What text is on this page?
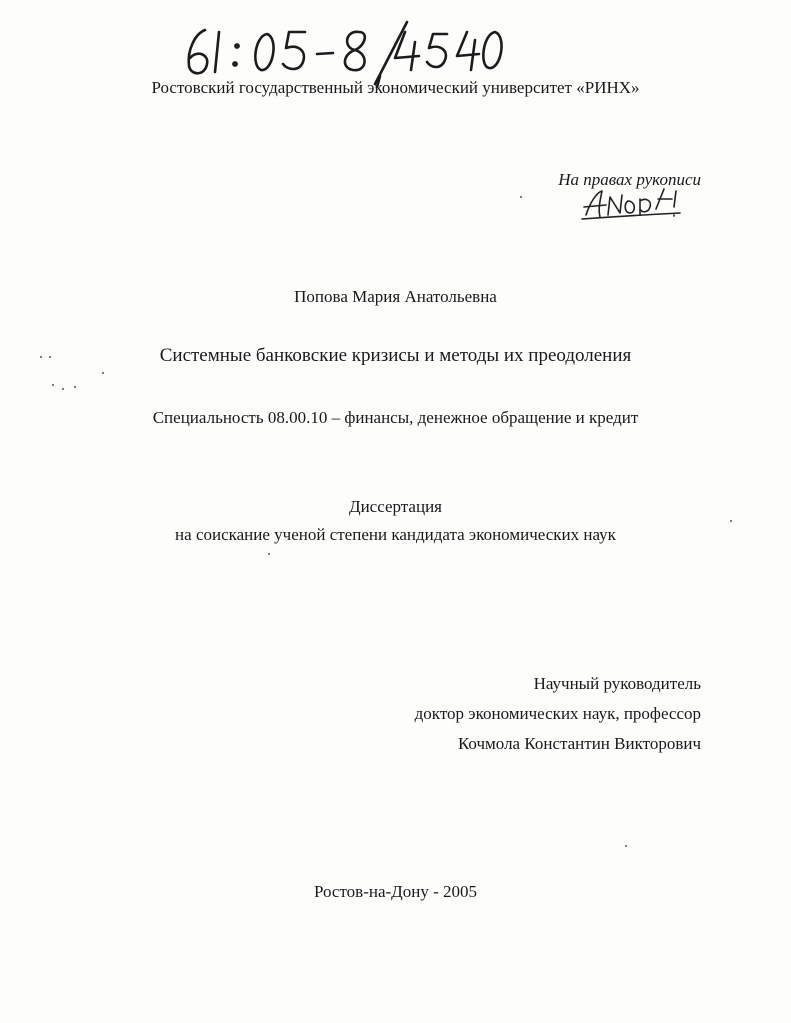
Ростовский государственный экономический университет «РИНХ»
На правах рукописи
Попова Мария Анатольевна
Системные банковские кризисы и методы их преодоления
Специальность 08.00.10 – финансы, денежное обращение и кредит
Диссертация
на соискание ученой степени кандидата экономических наук
Научный руководитель
доктор экономических наук, профессор
Кочмола Константин Викторович
Ростов-на-Дону - 2005
